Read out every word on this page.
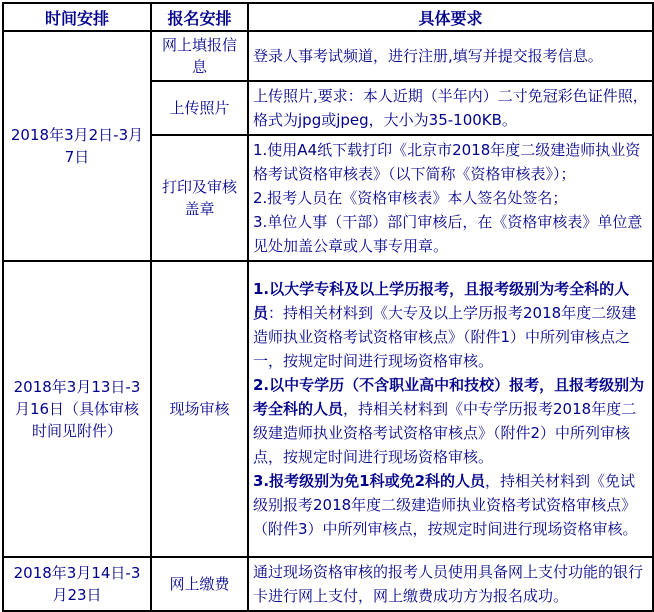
时间安排	报名安排	具体要求
2018年3月2日-3月7日	网上填报信息	登录人事考试频道，进行注册,填写并提交报考信息。

	上传照片	上传照片,要求：本人近期（半年内）二寸免冠彩色证件照，格式为jpg或jpeg，大小为35-100KB。

	打印及审核盖章	1.使用A4纸下载打印《北京市2018年度二级建造师执业资格考试资格审核表》（以下简称《资格审核表》）；

2.报考人员在《资格审核表》本人签名处签名；

3.单位人事（干部）部门审核后，在《资格审核表》单位意见处加盖公章或人事专用章。

2018年3月13日-3月16日（具体审核时间见附件）	现场审核	1.以大学专科及以上学历报考，且报考级别为考全科的人员：持相关材料到《大专及以上学历报考2018年度二级建造师执业资格考试资格审核点》（附件1）中所列审核点之一，按规定时间进行现场资格审核。

2.以中专学历（不含职业高中和技校）报考，且报考级别为考全科的人员，持相关材料到《中专学历报考2018年度二级建造师执业资格考试资格审核点》（附件2）中所列审核点，按规定时间进行现场资格审核。

3.报考级别为免1科或免2科的人员，持相关材料到《免试级别报考2018年度二级建造师执业资格考试资格审核点》（附件3）中所列审核点，按规定时间进行现场资格审核。

2018年3月14日-3月23日	网上缴费	通过现场资格审核的报考人员使用具备网上支付功能的银行卡进行网上支付，网上缴费成功方为报名成功。
